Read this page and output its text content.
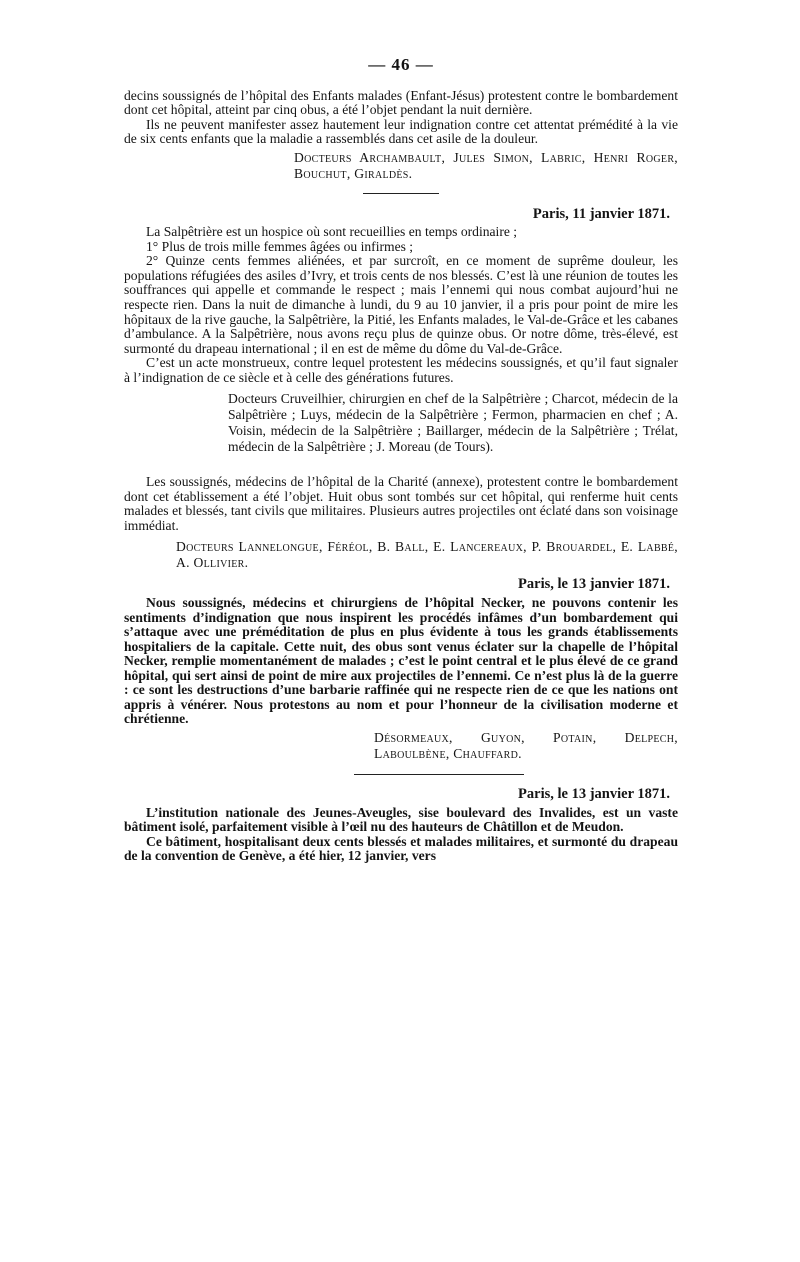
— 46 —

decins soussignés de l’hôpital des Enfants malades (Enfant-Jésus) protestent contre le bombardement dont cet hôpital, atteint par cinq obus, a été l’objet pendant la nuit dernière.

Ils ne peuvent manifester assez hautement leur indignation contre cet attentat prémédité à la vie de six cents enfants que la maladie a rassemblés dans cet asile de la douleur.

Docteurs Archambault, Jules Simon, Labric, Henri Roger, Bouchut, Giraldès.

Paris, 11 janvier 1871.

La Salpêtrière est un hospice où sont recueillies en temps ordinaire ;

1° Plus de trois mille femmes âgées ou infirmes ;

2° Quinze cents femmes aliénées, et par surcroît, en ce moment de suprême douleur, les populations réfugiées des asiles d’Ivry, et trois cents de nos blessés. C’est là une réunion de toutes les souffrances qui appelle et commande le respect ; mais l’ennemi qui nous combat aujourd’hui ne respecte rien. Dans la nuit de dimanche à lundi, du 9 au 10 janvier, il a pris pour point de mire les hôpitaux de la rive gauche, la Salpêtrière, la Pitié, les Enfants malades, le Val-de-Grâce et les cabanes d’ambulance. A la Salpêtrière, nous avons reçu plus de quinze obus. Or notre dôme, très-élevé, est surmonté du drapeau international ; il en est de même du dôme du Val-de-Grâce.

C’est un acte monstrueux, contre lequel protestent les médecins soussignés, et qu’il faut signaler à l’indignation de ce siècle et à celle des générations futures.

Docteurs Cruveilhier, chirurgien en chef de la Salpêtrière ; Charcot, médecin de la Salpêtrière ; Luys, médecin de la Salpêtrière ; Fermon, pharmacien en chef ; A. Voisin, médecin de la Salpêtrière ; Baillarger, médecin de la Salpêtrière ; Trélat, médecin de la Salpêtrière ; J. Moreau (de Tours).

Les soussignés, médecins de l’hôpital de la Charité (annexe), protestent contre le bombardement dont cet établissement a été l’objet. Huit obus sont tombés sur cet hôpital, qui renferme huit cents malades et blessés, tant civils que militaires. Plusieurs autres projectiles ont éclaté dans son voisinage immédiat.

Docteurs Lannelongue, Féréol, B. Ball, E. Lancereaux, P. Brouardel, E. Labbé, A. Ollivier.

Paris, le 13 janvier 1871.

Nous soussignés, médecins et chirurgiens de l’hôpital Necker, ne pouvons contenir les sentiments d’indignation que nous inspirent les procédés infâmes d’un bombardement qui s’attaque avec une préméditation de plus en plus évidente à tous les grands établissements hospitaliers de la capitale. Cette nuit, des obus sont venus éclater sur la chapelle de l’hôpital Necker, remplie momentanément de malades ; c’est le point central et le plus élevé de ce grand hôpital, qui sert ainsi de point de mire aux projectiles de l’ennemi. Ce n’est plus là de la guerre : ce sont les destructions d’une barbarie raffinée qui ne respecte rien de ce que les nations ont appris à vénérer. Nous protestons au nom et pour l’honneur de la civilisation moderne et chrétienne.

Désormeaux, Guyon, Potain, Delpech, Laboulbène, Chauffard.

Paris, le 13 janvier 1871.

L’institution nationale des Jeunes-Aveugles, sise boulevard des Invalides, est un vaste bâtiment isolé, parfaitement visible à l’œil nu des hauteurs de Châtillon et de Meudon.

Ce bâtiment, hospitalisant deux cents blessés et malades militaires, et surmonté du drapeau de la convention de Genève, a été hier, 12 janvier, vers
